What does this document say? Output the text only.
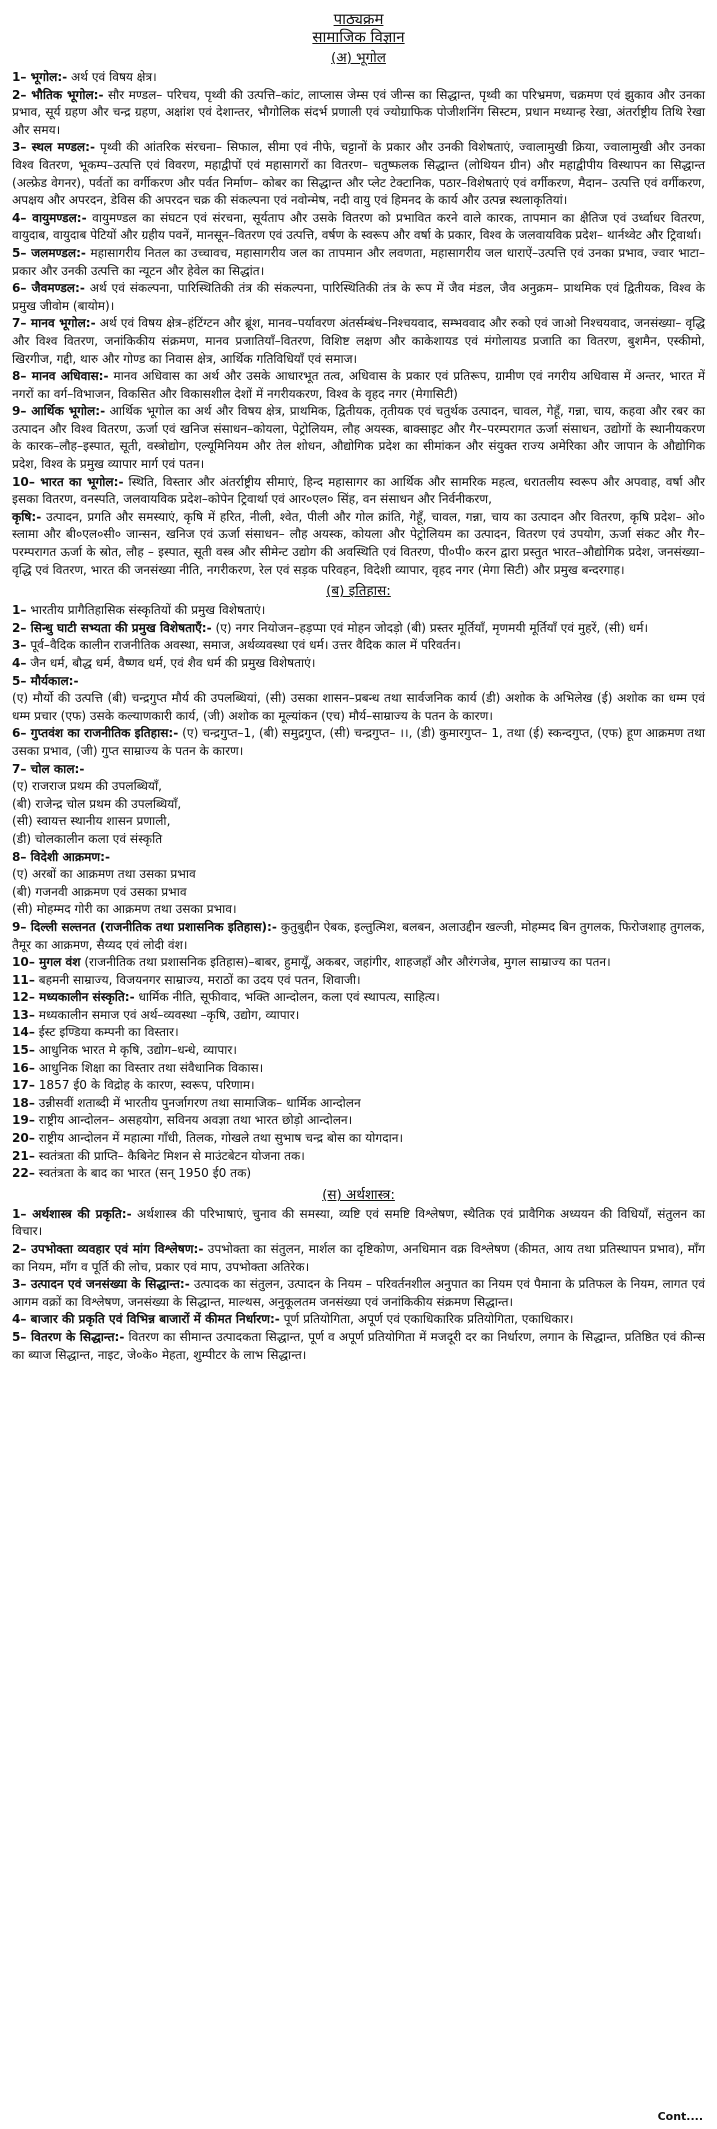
पाठ्यक्रम
सामाजिक विज्ञान
(अ) भूगोल

1– भूगोल:- अर्थ एवं विषय क्षेत्र।

2– भौतिक भूगोल:- सौर मण्डल– परिचय, पृथ्वी की उत्पत्ति–कांट, लाप्लास जेम्स एवं जीन्स का सिद्धान्त, पृथ्वी का परिभ्रमण, चक्रमण एवं झुकाव और उनका प्रभाव, सूर्य ग्रहण और चन्द्र ग्रहण, अक्षांश एवं देशान्तर, भौगोलिक संदर्भ प्रणाली एवं ज्योग्राफिक पोजीशनिंग सिस्टम, प्रधान मध्यान्ह रेखा, अंतर्राष्ट्रीय तिथि रेखा और समय।

3– स्थल मण्डल:- पृथ्वी की आंतरिक संरचना– सिफाल, सीमा एवं नीफे, चट्टानों के प्रकार और उनकी विशेषताएं, ज्वालामुखी क्रिया, ज्वालामुखी और उनका विश्व वितरण, भूकम्प–उत्पत्ति एवं विवरण, महाद्वीपों एवं महासागरों का वितरण– चतुष्फलक सिद्धान्त (लोथियन ग्रीन) और महाद्वीपीय विस्थापन का सिद्धान्त (अल्फ्रेड वेगनर), पर्वतों का वर्गीकरण और पर्वत निर्माण– कोबर का सिद्धान्त और प्लेट टेक्टानिक, पठार–विशेषताएं एवं वर्गीकरण, मैदान– उत्पत्ति एवं वर्गीकरण, अपक्षय और अपरदन, डेविस की अपरदन चक्र की संकल्पना एवं नवोन्मेष, नदी वायु एवं हिमनद के कार्य और उत्पन्न स्थलाकृतियां।

4– वायुमण्डल:- वायुमण्डल का संघटन एवं संरचना, सूर्यताप और उसके वितरण को प्रभावित करने वाले कारक, तापमान का क्षैतिज एवं उर्ध्वाधर वितरण, वायुदाब, वायुदाब पेटियों और ग्रहीय पवनें, मानसून–वितरण एवं उत्पत्ति, वर्षण के स्वरूप और वर्षा के प्रकार, विश्व के जलवायविक प्रदेश– थार्नथ्वेट और ट्रिवार्था।

5– जलमण्डल:- महासागरीय नितल का उच्चावच, महासागरीय जल का तापमान और लवणता, महासागरीय जल धाराऐं–उत्पत्ति एवं उनका प्रभाव, ज्वार भाटा–प्रकार और उनकी उत्पत्ति का न्यूटन और हेवेल का सिद्धांत।

6– जैवमण्डल:- अर्थ एवं संकल्पना, पारिस्थितिकी तंत्र की संकल्पना, पारिस्थितिकी तंत्र के रूप में जैव मंडल, जैव अनुक्रम– प्राथमिक एवं द्वितीयक, विश्व के प्रमुख जीवोम (बायोम)।

7– मानव भूगोल:- अर्थ एवं विषय क्षेत्र–हंटिंग्टन और ब्रूंश, मानव–पर्यावरण अंतर्सम्बंध–निश्चयवाद, सम्भववाद और रुको एवं जाओ निश्चयवाद, जनसंख्या– वृद्धि और विश्व वितरण, जनांकिकीय संक्रमण, मानव प्रजातियाँ–वितरण, विशिष्ट लक्षण और काकेशायड एवं मंगोलायड प्रजाति का वितरण, बुशमैन, एस्कीमो, खिरगीज, गद्दी, थारु और गोण्ड का निवास क्षेत्र, आर्थिक गतिविधियाँ एवं समाज।

8– मानव अधिवास:- मानव अधिवास का अर्थ और उसके आधारभूत तत्व, अधिवास के प्रकार एवं प्रतिरूप, ग्रामीण एवं नगरीय अधिवास में अन्तर, भारत में नगरों का वर्ग–विभाजन, विकसित और विकासशील देशों में नगरीयकरण, विश्व के वृहद नगर (मेगासिटी)

9– आर्थिक भूगोल:- आर्थिक भूगोल का अर्थ और विषय क्षेत्र, प्राथमिक, द्वितीयक, तृतीयक एवं चतुर्थक उत्पादन, चावल, गेहूँ, गन्ना, चाय, कहवा और रबर का उत्पादन और विश्व वितरण, ऊर्जा एवं खनिज संसाधन–कोयला, पेट्रोलियम, लौह अयस्क, बाक्साइट और गैर–परम्परागत ऊर्जा संसाधन, उद्योगों के स्थानीयकरण के कारक–लौह–इस्पात, सूती, वस्त्रोद्योग, एल्यूमिनियम और तेल शोधन, औद्योगिक प्रदेश का सीमांकन और संयुक्त राज्य अमेरिका और जापान के औद्योगिक प्रदेश, विश्व के प्रमुख व्यापार मार्ग एवं पतन।

10– भारत का भूगोल:- स्थिति, विस्तार और अंतर्राष्ट्रीय सीमाएं, हिन्द महासागर का आर्थिक और सामरिक महत्व, धरातलीय स्वरूप और अपवाह, वर्षा और इसका वितरण, वनस्पति, जलवायविक प्रदेश–कोपेन ट्रिवार्था एवं आर०एल० सिंह, वन संसाधन और निर्वनीकरण,

कृषि:- उत्पादन, प्रगति और समस्याएं, कृषि में हरित, नीली, श्वेत, पीली और गोल क्रांति, गेहूँ, चावल, गन्ना, चाय का उत्पादन और वितरण, कृषि प्रदेश– ओ० स्लामा और बी०एल०सी० जान्सन, खनिज एवं ऊर्जा संसाधन– लौह अयस्क, कोयला और पेट्रोलियम का उत्पादन, वितरण एवं उपयोग, ऊर्जा संकट और गैर–परम्परागत ऊर्जा के स्रोत, लौह – इस्पात, सूती वस्त्र और सीमेन्ट उद्योग की अवस्थिति एवं वितरण, पी०पी० करन द्वारा प्रस्तुत भारत–औद्योगिक प्रदेश, जनसंख्या–वृद्धि एवं वितरण, भारत की जनसंख्या नीति, नगरीकरण, रेल एवं सड़क परिवहन, विदेशी व्यापार, वृहद नगर (मेगा सिटी) और प्रमुख बन्दरगाह।

(ब) इतिहास:

1– भारतीय प्रागैतिहासिक संस्कृतियों की प्रमुख विशेषताएं।

2– सिन्धु घाटी सभ्यता की प्रमुख विशेषताएँ:- (ए) नगर नियोजन–हड़प्पा एवं मोहन जोदड़ो (बी) प्रस्तर मूर्तियाँ, मृणमयी मूर्तियाँ एवं मुहरें, (सी) धर्म।

3– पूर्व–वैदिक कालीन राजनीतिक अवस्था, समाज, अर्थव्यवस्था एवं धर्म। उत्तर वैदिक काल में परिवर्तन।

4– जैन धर्म, बौद्ध धर्म, वैष्णव धर्म, एवं शैव धर्म की प्रमुख विशेषताएं।

5– मौर्यकाल:-

(ए) मौर्यो की उत्पत्ति (बी) चन्द्रगुप्त मौर्य की उपलब्धियां, (सी) उसका शासन–प्रबन्ध तथा सार्वजनिक कार्य (डी) अशोक के अभिलेख (ई) अशोक का धम्म एवं धम्म प्रचार (एफ) उसके कल्याणकारी कार्य, (जी) अशोक का मूल्यांकन (एच) मौर्य–साम्राज्य के पतन के कारण।

6– गुप्तवंश का राजनीतिक इतिहास:- (ए) चन्द्रगुप्त–1, (बी) समुद्रगुप्त, (सी) चन्द्रगुप्त– ।।, (डी) कुमारगुप्त– 1, तथा (ई) स्कन्दगुप्त, (एफ) हूण आक्रमण तथा उसका प्रभाव, (जी) गुप्त साम्राज्य के पतन के कारण।

7– चोल काल:-

(ए) राजराज प्रथम की उपलब्धियाँ,

(बी) राजेन्द्र चोल प्रथम की उपलब्धियाँ,

(सी) स्वायत्त स्थानीय शासन प्रणाली,

(डी) चोलकालीन कला एवं संस्कृति

8– विदेशी आक्रमण:-

(ए) अरबों का आक्रमण तथा उसका प्रभाव

(बी) गजनवी आक्रमण एवं उसका प्रभाव

(सी) मोहम्मद गोरी का आक्रमण तथा उसका प्रभाव।

9– दिल्ली सल्तनत (राजनीतिक तथा प्रशासनिक इतिहास):- कुतुबुद्दीन ऐबक, इल्तुत्मिश, बलबन, अलाउद्दीन खल्जी, मोहम्मद बिन तुगलक, फिरोजशाह तुगलक, तैमूर का आक्रमण, सैय्यद एवं लोदी वंश।

10– मुगल वंश (राजनीतिक तथा प्रशासनिक इतिहास)–बाबर, हुमायूँ, अकबर, जहांगीर, शाहजहाँ और औरंगजेब, मुगल साम्राज्य का पतन।

11– बहमनी साम्राज्य, विजयनगर साम्राज्य, मराठों का उदय एवं पतन, शिवाजी।

12– मध्यकालीन संस्कृति:- धार्मिक नीति, सूफीवाद, भक्ति आन्दोलन, कला एवं स्थापत्य, साहित्य।

13– मध्यकालीन समाज एवं अर्थ–व्यवस्था –कृषि, उद्योग, व्यापार।

14– ईस्ट इण्डिया कम्पनी का विस्तार।

15– आधुनिक भारत मे कृषि, उद्योग–धन्धे, व्यापार।

16– आधुनिक शिक्षा का विस्तार तथा संवैधानिक विकास।

17– 1857 ई0 के विद्रोह के कारण, स्वरूप, परिणाम।

18– उन्नीसवीं शताब्दी में भारतीय पुनर्जागरण तथा सामाजिक– धार्मिक आन्दोलन

19– राष्ट्रीय आन्दोलन– असहयोग, सविनय अवज्ञा तथा भारत छोड़ो आन्दोलन।

20– राष्ट्रीय आन्दोलन में महात्मा गाँधी, तिलक, गोखले तथा सुभाष चन्द्र बोस का योगदान।

21– स्वतंत्रता की प्राप्ति– कैबिनेट मिशन से माउंटबेटन योजना तक।

22– स्वतंत्रता के बाद का भारत (सन् 1950 ई0 तक)

(स) अर्थशास्त्र:

1– अर्थशास्त्र की प्रकृति:- अर्थशास्त्र की परिभाषाएं, चुनाव की समस्या, व्यष्टि एवं समष्टि विश्लेषण, स्थैतिक एवं प्रावैगिक अध्ययन की विधियाँ, संतुलन का विचार।

2– उपभोक्ता व्यवहार एवं मांग विश्लेषण:- उपभोक्ता का संतुलन, मार्शल का दृष्टिकोण, अनधिमान वक्र विश्लेषण (कीमत, आय तथा प्रतिस्थापन प्रभाव), माँग का नियम, माँग व पूर्ति की लोच, प्रकार एवं माप, उपभोक्ता अतिरेक।

3– उत्पादन एवं जनसंख्या के सिद्धान्त:- उत्पादक का संतुलन, उत्पादन के नियम – परिवर्तनशील अनुपात का नियम एवं पैमाना के प्रतिफल के नियम, लागत एवं आगम वक्रों का विश्लेषण, जनसंख्या के सिद्धान्त, माल्थस, अनुकूलतम जनसंख्या एवं जनांकिकीय संक्रमण सिद्धान्त।

4– बाजार की प्रकृति एवं विभिन्न बाजारों में कीमत निर्धारण:- पूर्ण प्रतियोगिता, अपूर्ण एवं एकाधिकारिक प्रतियोगिता, एकाधिकार।

5– वितरण के सिद्धान्त:- वितरण का सीमान्त उत्पादकता सिद्धान्त, पूर्ण व अपूर्ण प्रतियोगिता में मजदूरी दर का निर्धारण, लगान के सिद्धान्त, प्रतिष्ठित एवं कीन्स का ब्याज सिद्धान्त, नाइट, जे०के० मेहता, शुम्पीटर के लाभ सिद्धान्त।

Cont....
